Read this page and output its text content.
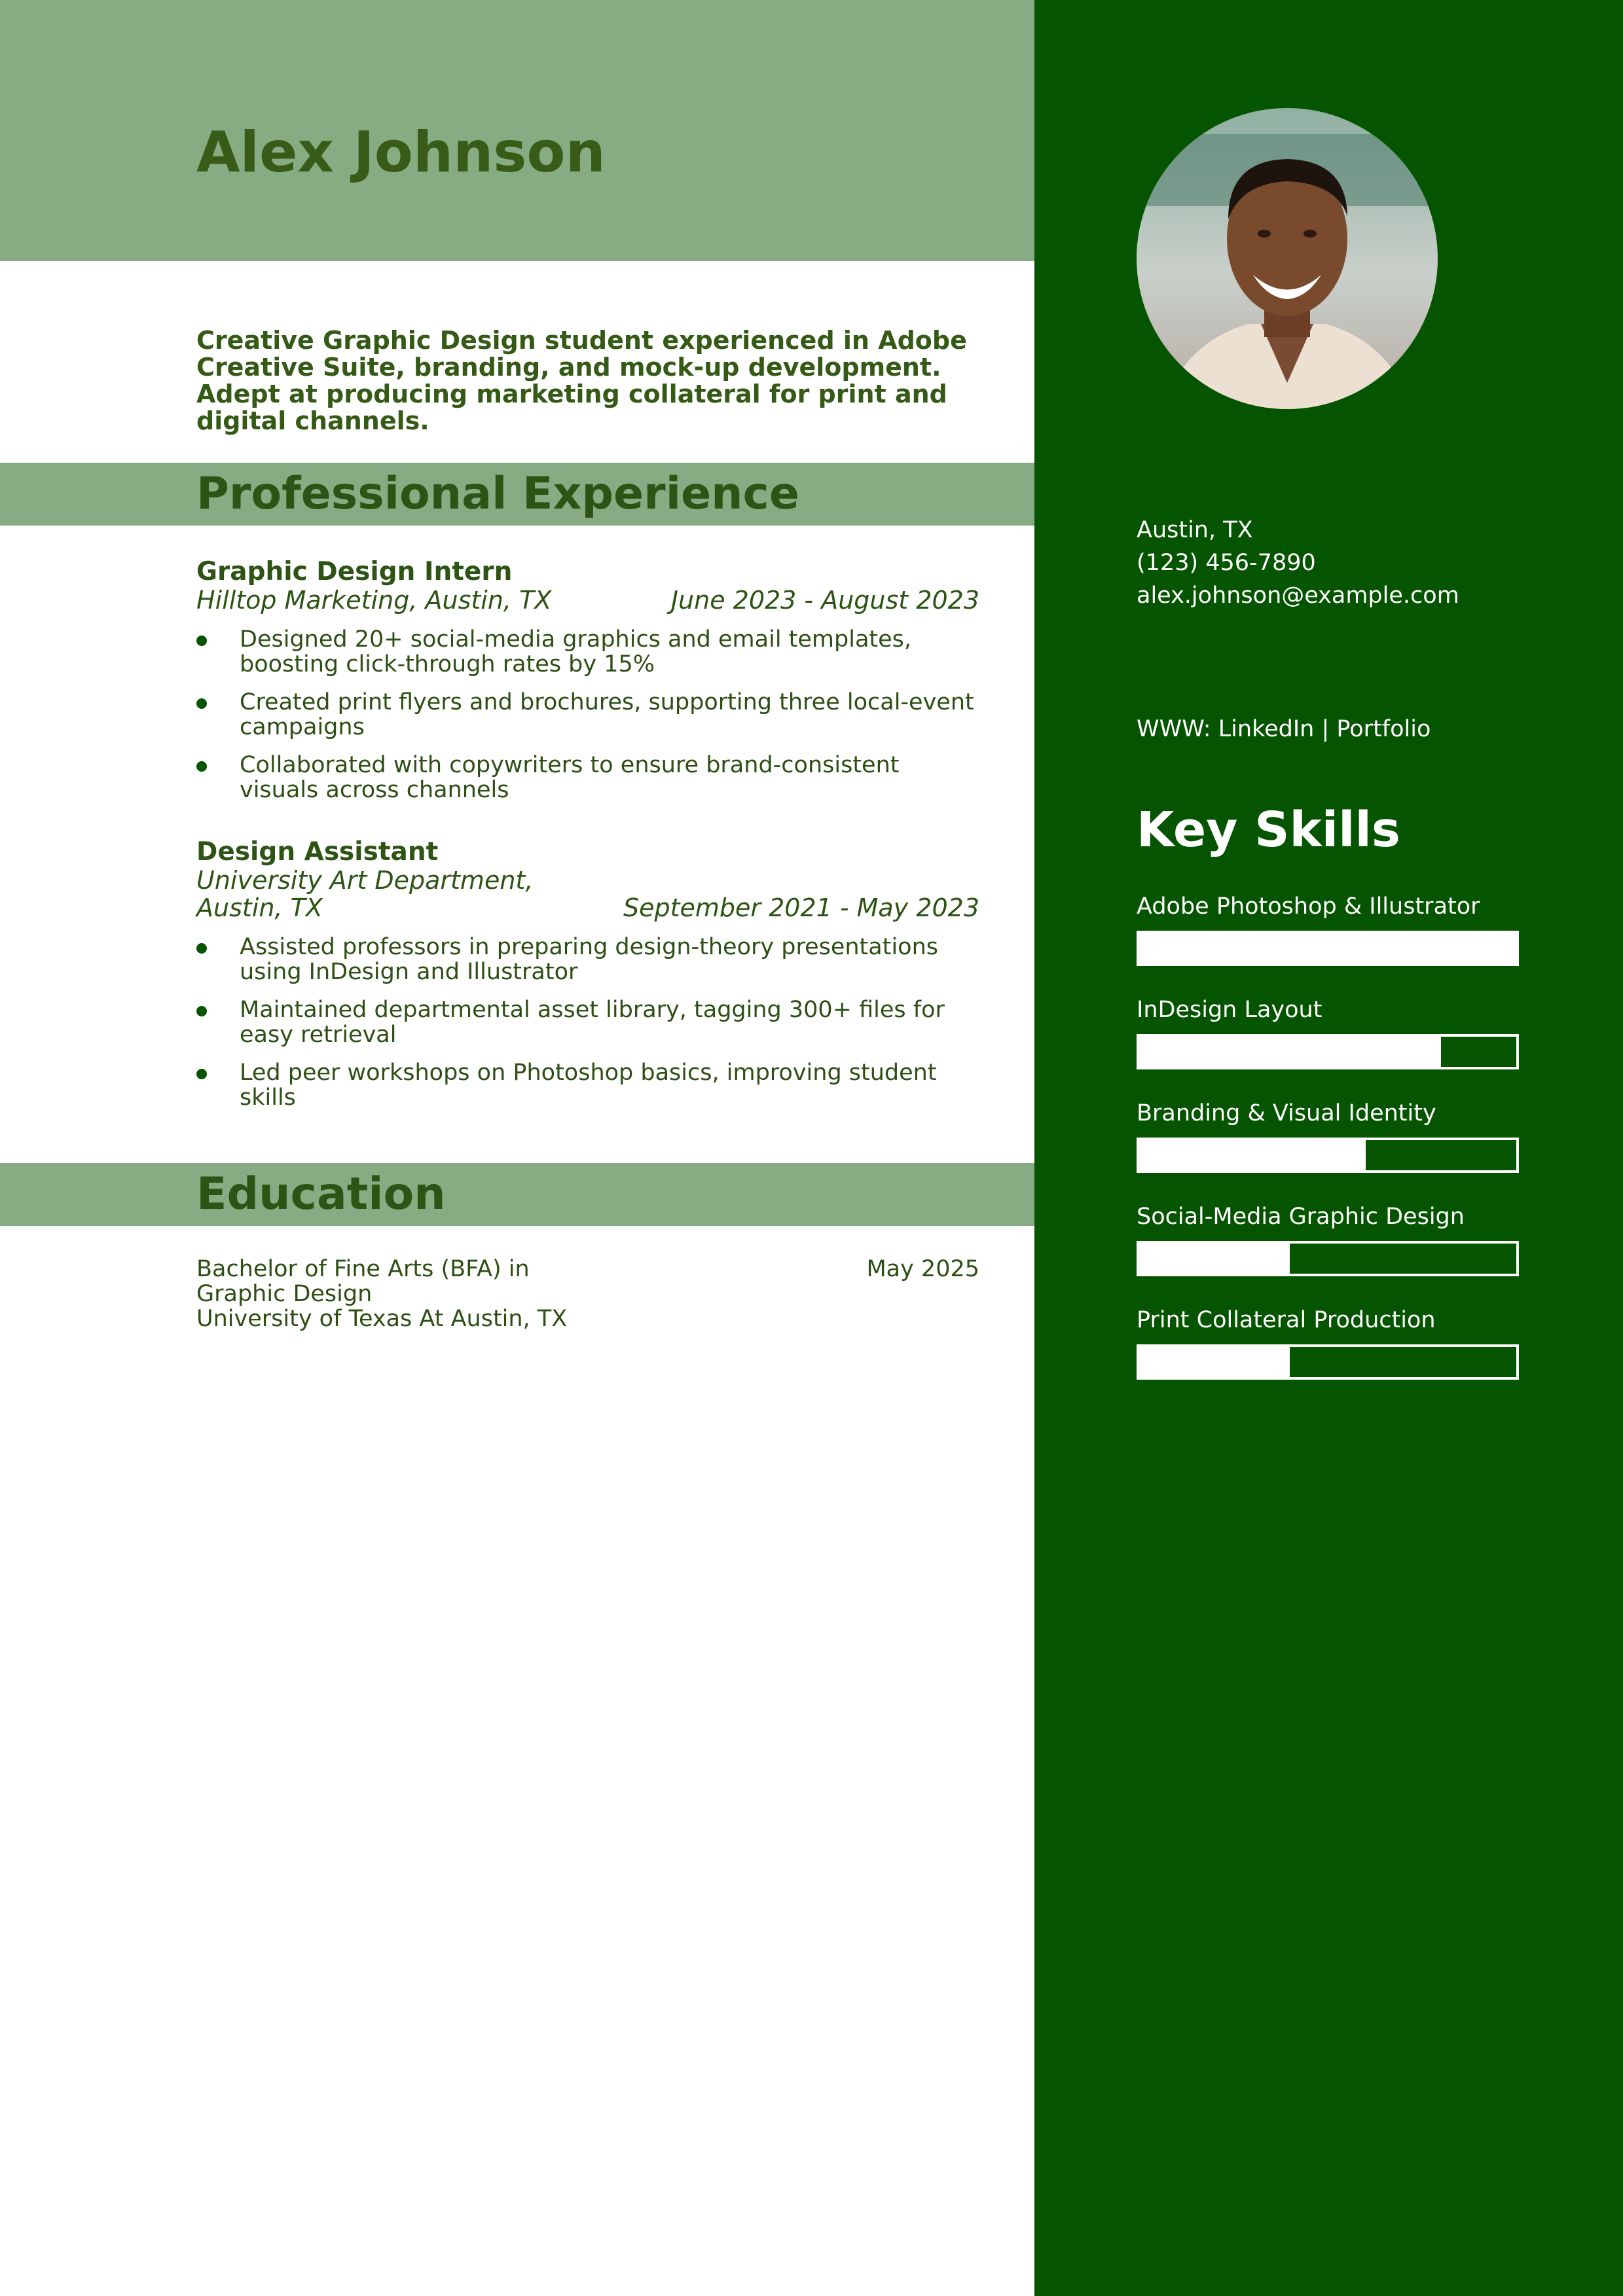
Alex Johnson

Creative Graphic Design student experienced in Adobe Creative Suite, branding, and mock-up development. Adept at producing marketing collateral for print and digital channels.

Professional Experience
Graphic Design Intern
Hilltop Marketing, Austin, TX	June 2023 - August 2023
Designed 20+ social-media graphics and email templates, boosting click-through rates by 15%
Created print flyers and brochures, supporting three local-event campaigns
Collaborated with copywriters to ensure brand-consistent visuals across channels
Design Assistant
University Art Department,
Austin, TX	September 2021 - May 2023
Assisted professors in preparing design-theory presentations using InDesign and Illustrator
Maintained departmental asset library, tagging 300+ files for easy retrieval
Led peer workshops on Photoshop basics, improving student skills
Education
Bachelor of Fine Arts (BFA) in Graphic Design
University of Texas At Austin, TX
May 2025
Austin, TX
(123) 456-7890
alex.johnson@example.com
WWW: LinkedIn | Portfolio
Key Skills
Adobe Photoshop & Illustrator
InDesign Layout
Branding & Visual Identity
Social-Media Graphic Design
Print Collateral Production
